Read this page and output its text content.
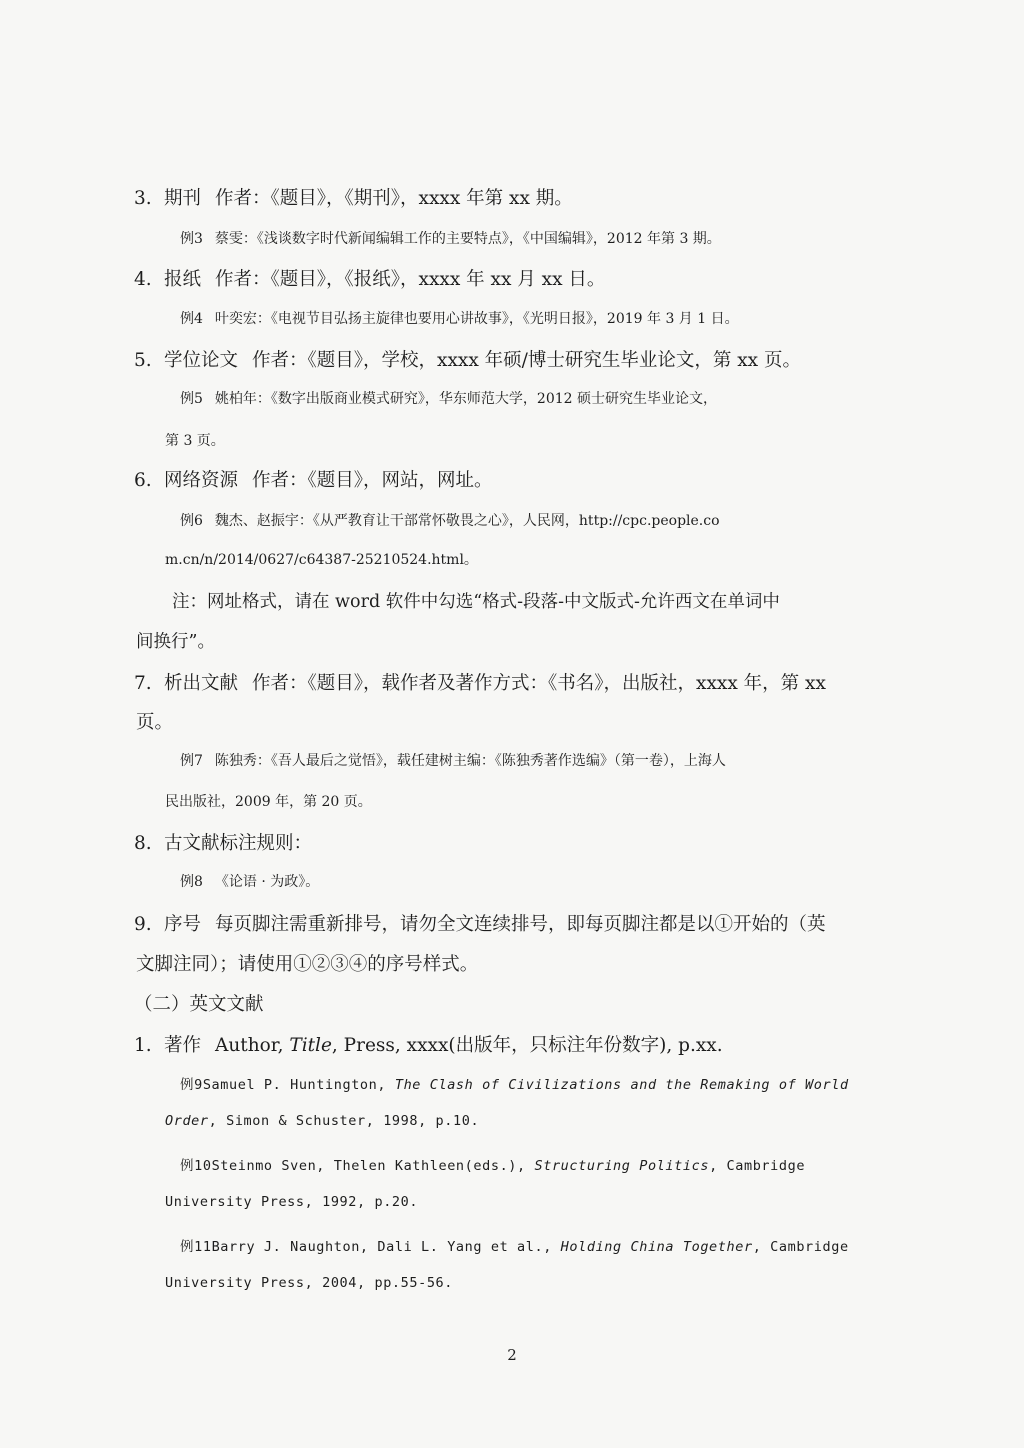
3. 期刊 作者：《题目》，《期刊》，xxxx 年第 xx 期。
例3 蔡雯：《浅谈数字时代新闻编辑工作的主要特点》，《中国编辑》，2012 年第 3 期。
4. 报纸 作者：《题目》，《报纸》，xxxx 年 xx 月 xx 日。
例4 叶奕宏：《电视节目弘扬主旋律也要用心讲故事》，《光明日报》，2019 年 3 月 1 日。
5. 学位论文 作者：《题目》，学校，xxxx 年硕/博士研究生毕业论文，第 xx 页。
例5 姚柏年：《数字出版商业模式研究》，华东师范大学，2012 硕士研究生毕业论文，
第 3 页。
6. 网络资源 作者：《题目》，网站，网址。
例6 魏杰、赵振宇：《从严教育让干部常怀敬畏之心》，人民网，http://cpc.people.co
m.cn/n/2014/0627/c64387-25210524.html。
注：网址格式，请在 word 软件中勾选“格式-段落-中文版式-允许西文在单词中
间换行”。
7. 析出文献 作者：《题目》，载作者及著作方式：《书名》，出版社，xxxx 年，第 xx
页。
例7 陈独秀：《吾人最后之觉悟》，载任建树主编：《陈独秀著作选编》（第一卷），上海人
民出版社，2009 年，第 20 页。
8. 古文献标注规则：
例8 《论语 · 为政》。
9. 序号 每页脚注需重新排号，请勿全文连续排号，即每页脚注都是以①开始的（英
文脚注同）；请使用①②③④的序号样式。
（二）英文文献
1. 著作 Author, Title, Press, xxxx(出版年，只标注年份数字), p.xx.
例9Samuel P. Huntington, The Clash of Civilizations and the Remaking of World
Order, Simon & Schuster, 1998, p.10.
例10Steinmo Sven, Thelen Kathleen(eds.), Structuring Politics, Cambridge
University Press, 1992, p.20.
例11Barry J. Naughton, Dali L. Yang et al., Holding China Together, Cambridge
University Press, 2004, pp.55-56.
2
